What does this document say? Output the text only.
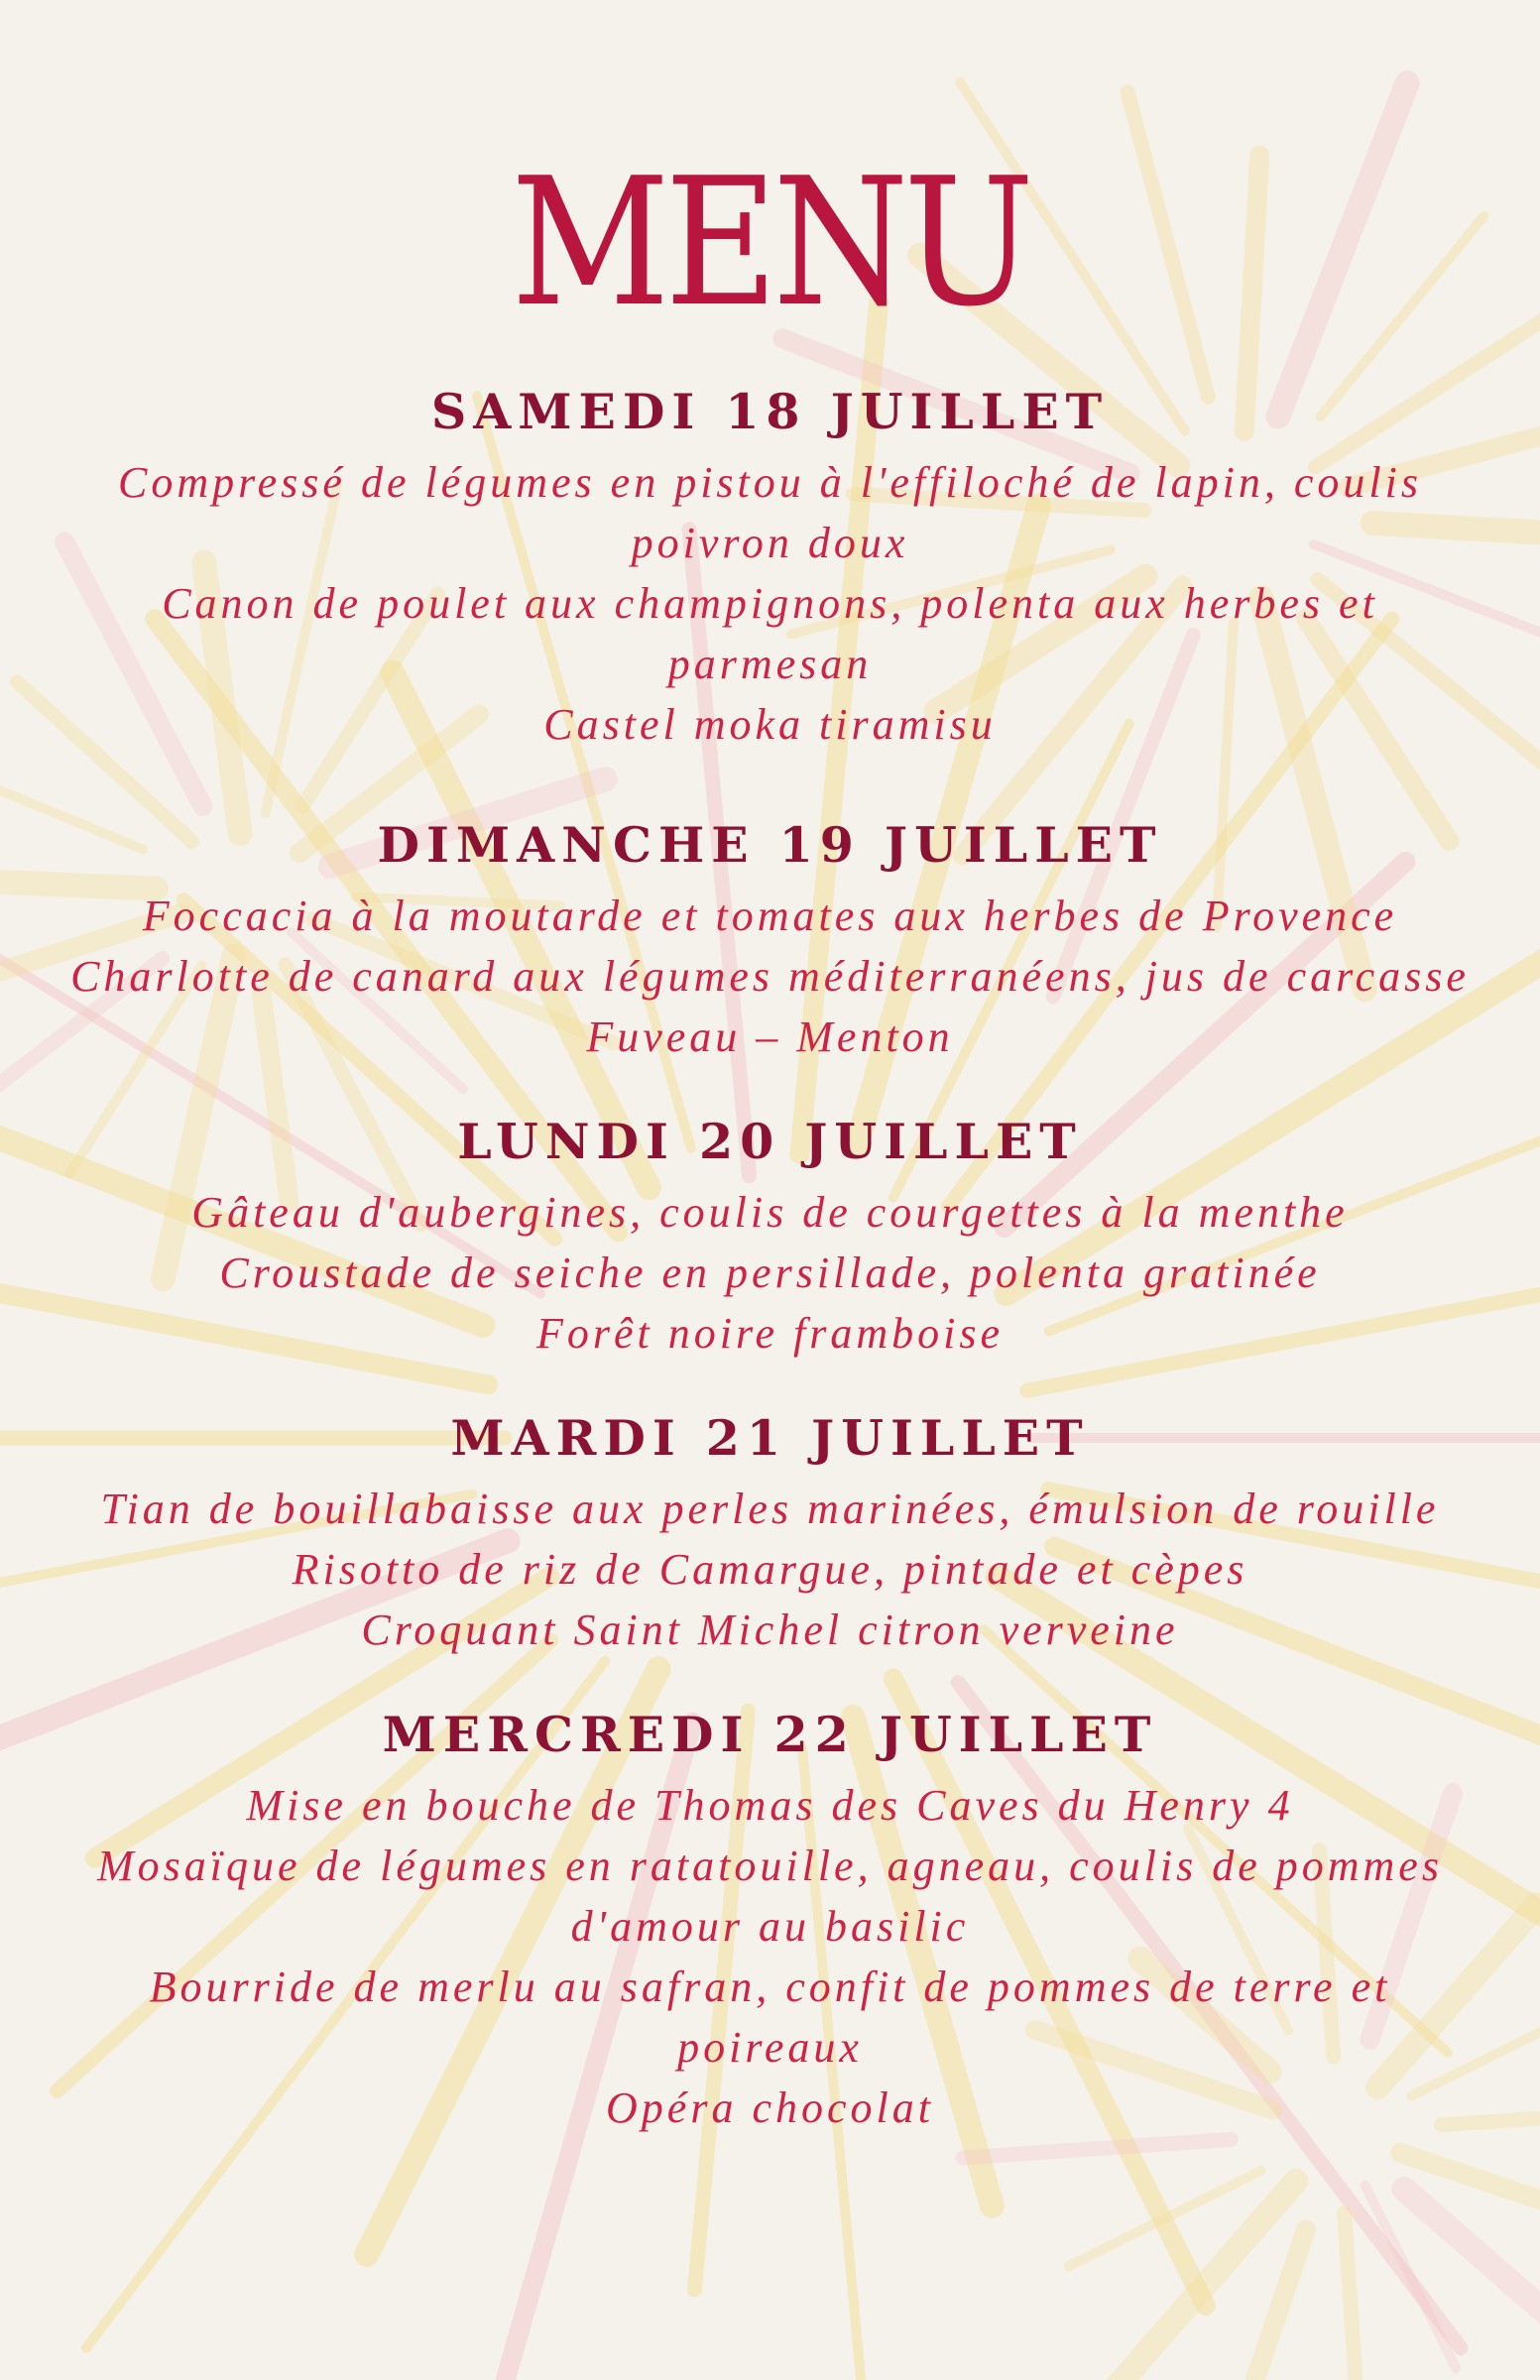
MENU
SAMEDI 18 JUILLET
Compressé de légumes en pistou à l'effiloché de lapin, coulis poivron doux
Canon de poulet aux champignons, polenta aux herbes et parmesan
Castel moka tiramisu
DIMANCHE 19 JUILLET
Foccacia à la moutarde et tomates aux herbes de Provence
Charlotte de canard aux légumes méditerranéens, jus de carcasse
Fuveau – Menton
LUNDI 20 JUILLET
Gâteau d'aubergines, coulis de courgettes à la menthe
Croustade de seiche en persillade, polenta gratinée
Forêt noire framboise
MARDI 21 JUILLET
Tian de bouillabaisse aux perles marinées, émulsion de rouille
Risotto de riz de Camargue, pintade et cèpes
Croquant Saint Michel citron verveine
MERCREDI 22 JUILLET
Mise en bouche de Thomas des Caves du Henry 4
Mosaïque de légumes en ratatouille, agneau, coulis de pommes d'amour au basilic
Bourride de merlu au safran, confit de pommes de terre et poireaux
Opéra chocolat
